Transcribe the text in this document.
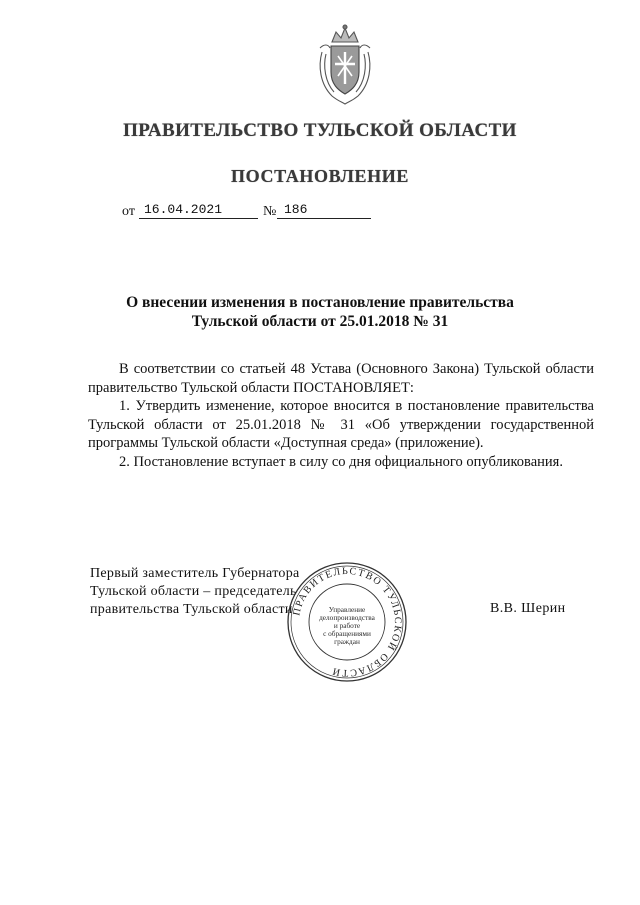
ПРАВИТЕЛЬСТВО ТУЛЬСКОЙ ОБЛАСТИ
ПОСТАНОВЛЕНИЕ
от 16.04.2021	№ 186
О внесении изменения в постановление правительства
Тульской области от 25.01.2018 № 31

В соответствии со статьей 48 Устава (Основного Закона) Тульской области правительство Тульской области ПОСТАНОВЛЯЕТ:

1. Утвердить изменение, которое вносится в постановление правительства Тульской области от 25.01.2018 № 31 «Об утверждении государственной программы Тульской области «Доступная среда» (приложение).

2. Постановление вступает в силу со дня официального опубликования.

Первый заместитель Губернатора
Тульской области – председатель
правительства Тульской области	В.В. Шерин
ПРАВИТЕЛЬСТВО ТУЛЬСКОЙ ОБЛАСТИ
Управление
делопроизводства
и работе
с обращениями
граждан
